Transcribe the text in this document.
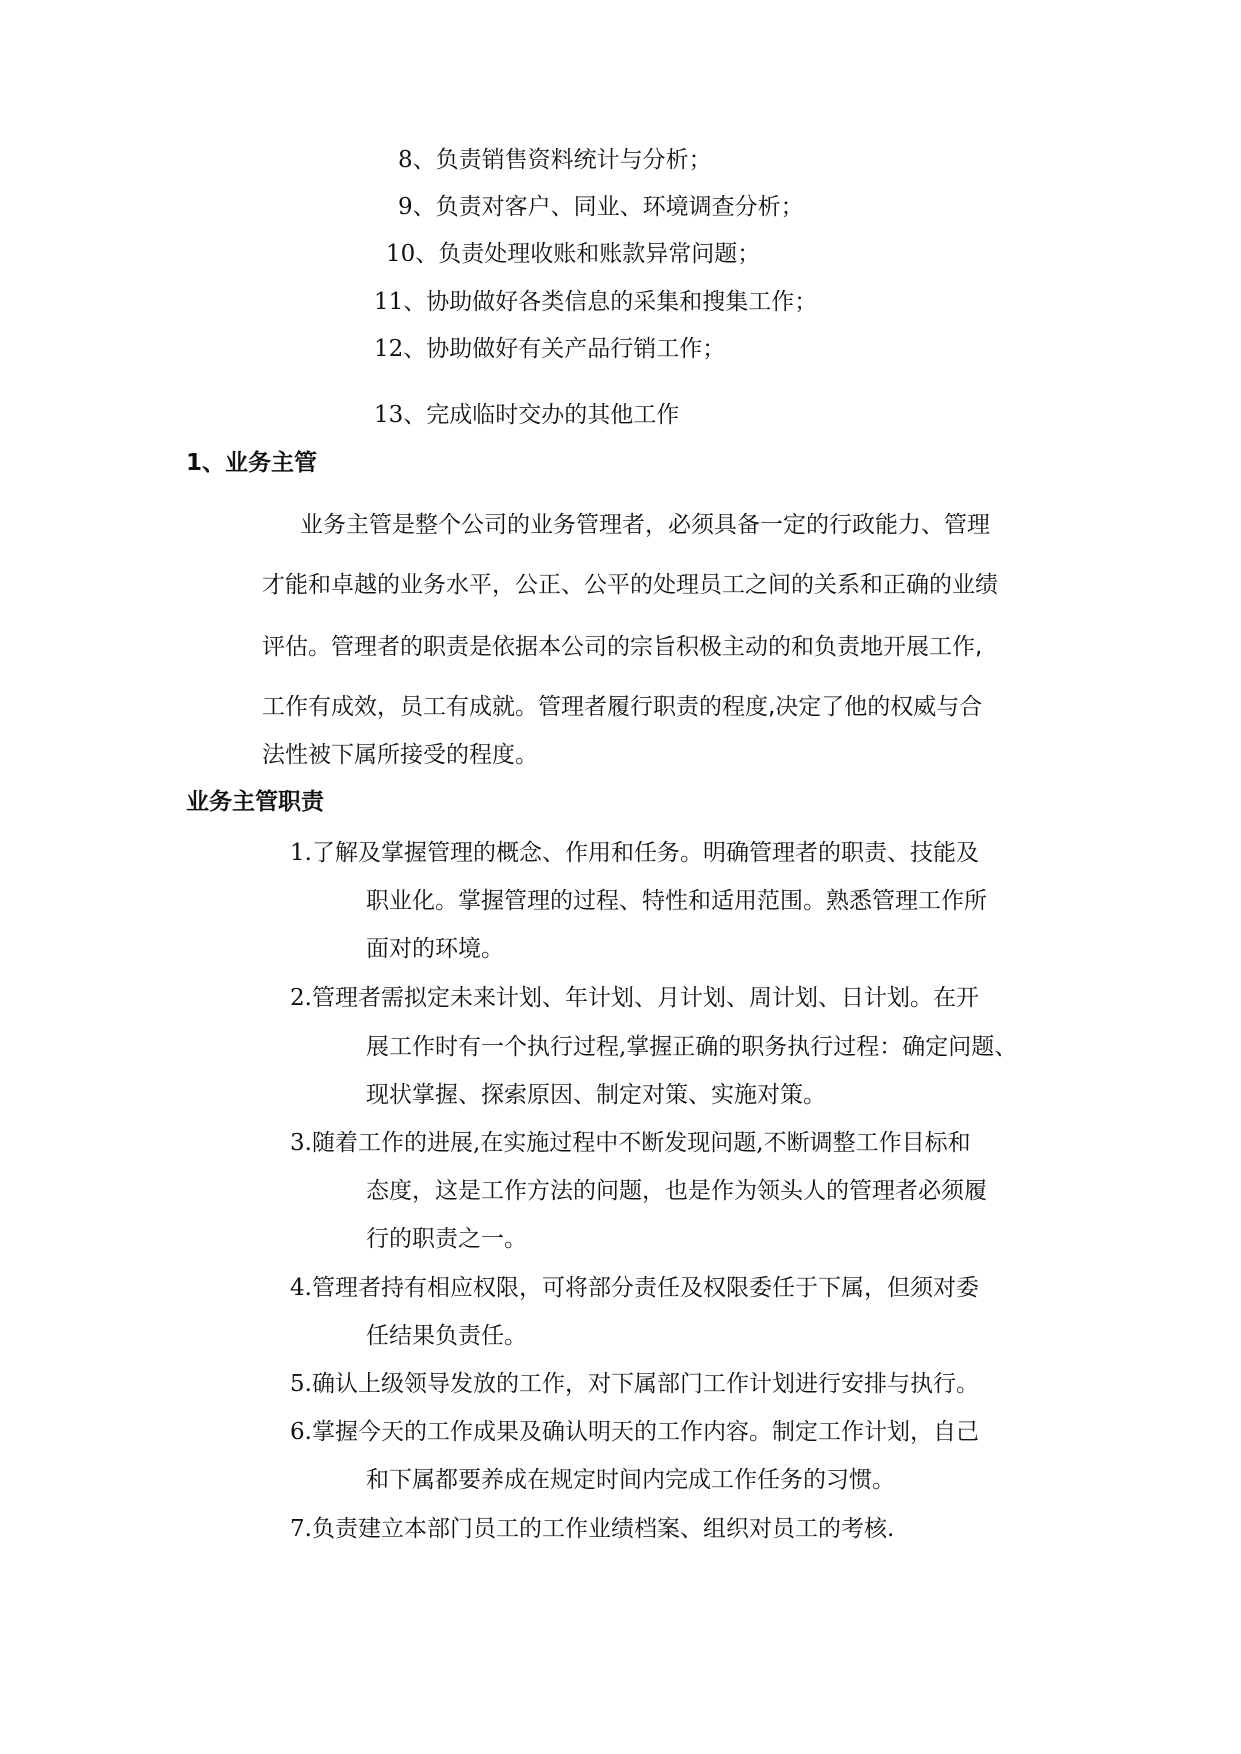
8、负责销售资料统计与分析；
9、负责对客户、同业、环境调查分析；
10、负责处理收账和账款异常问题；
11、协助做好各类信息的采集和搜集工作；
12、协助做好有关产品行销工作；
13、完成临时交办的其他工作
1、业务主管
业务主管是整个公司的业务管理者，必须具备一定的行政能力、管理
才能和卓越的业务水平，公正、公平的处理员工之间的关系和正确的业绩
评估。管理者的职责是依据本公司的宗旨积极主动的和负责地开展工作,
工作有成效，员工有成就。管理者履行职责的程度,决定了他的权威与合
法性被下属所接受的程度。
业务主管职责
1.了解及掌握管理的概念、作用和任务。明确管理者的职责、技能及
职业化。掌握管理的过程、特性和适用范围。熟悉管理工作所
面对的环境。
2.管理者需拟定未来计划、年计划、月计划、周计划、日计划。在开
展工作时有一个执行过程,掌握正确的职务执行过程：确定问题、
现状掌握、探索原因、制定对策、实施对策。
3.随着工作的进展,在实施过程中不断发现问题,不断调整工作目标和
态度，这是工作方法的问题，也是作为领头人的管理者必须履
行的职责之一。
4.管理者持有相应权限，可将部分责任及权限委任于下属，但须对委
任结果负责任。
5.确认上级领导发放的工作，对下属部门工作计划进行安排与执行。
6.掌握今天的工作成果及确认明天的工作内容。制定工作计划，自己
和下属都要养成在规定时间内完成工作任务的习惯。
7.负责建立本部门员工的工作业绩档案、组织对员工的考核.
